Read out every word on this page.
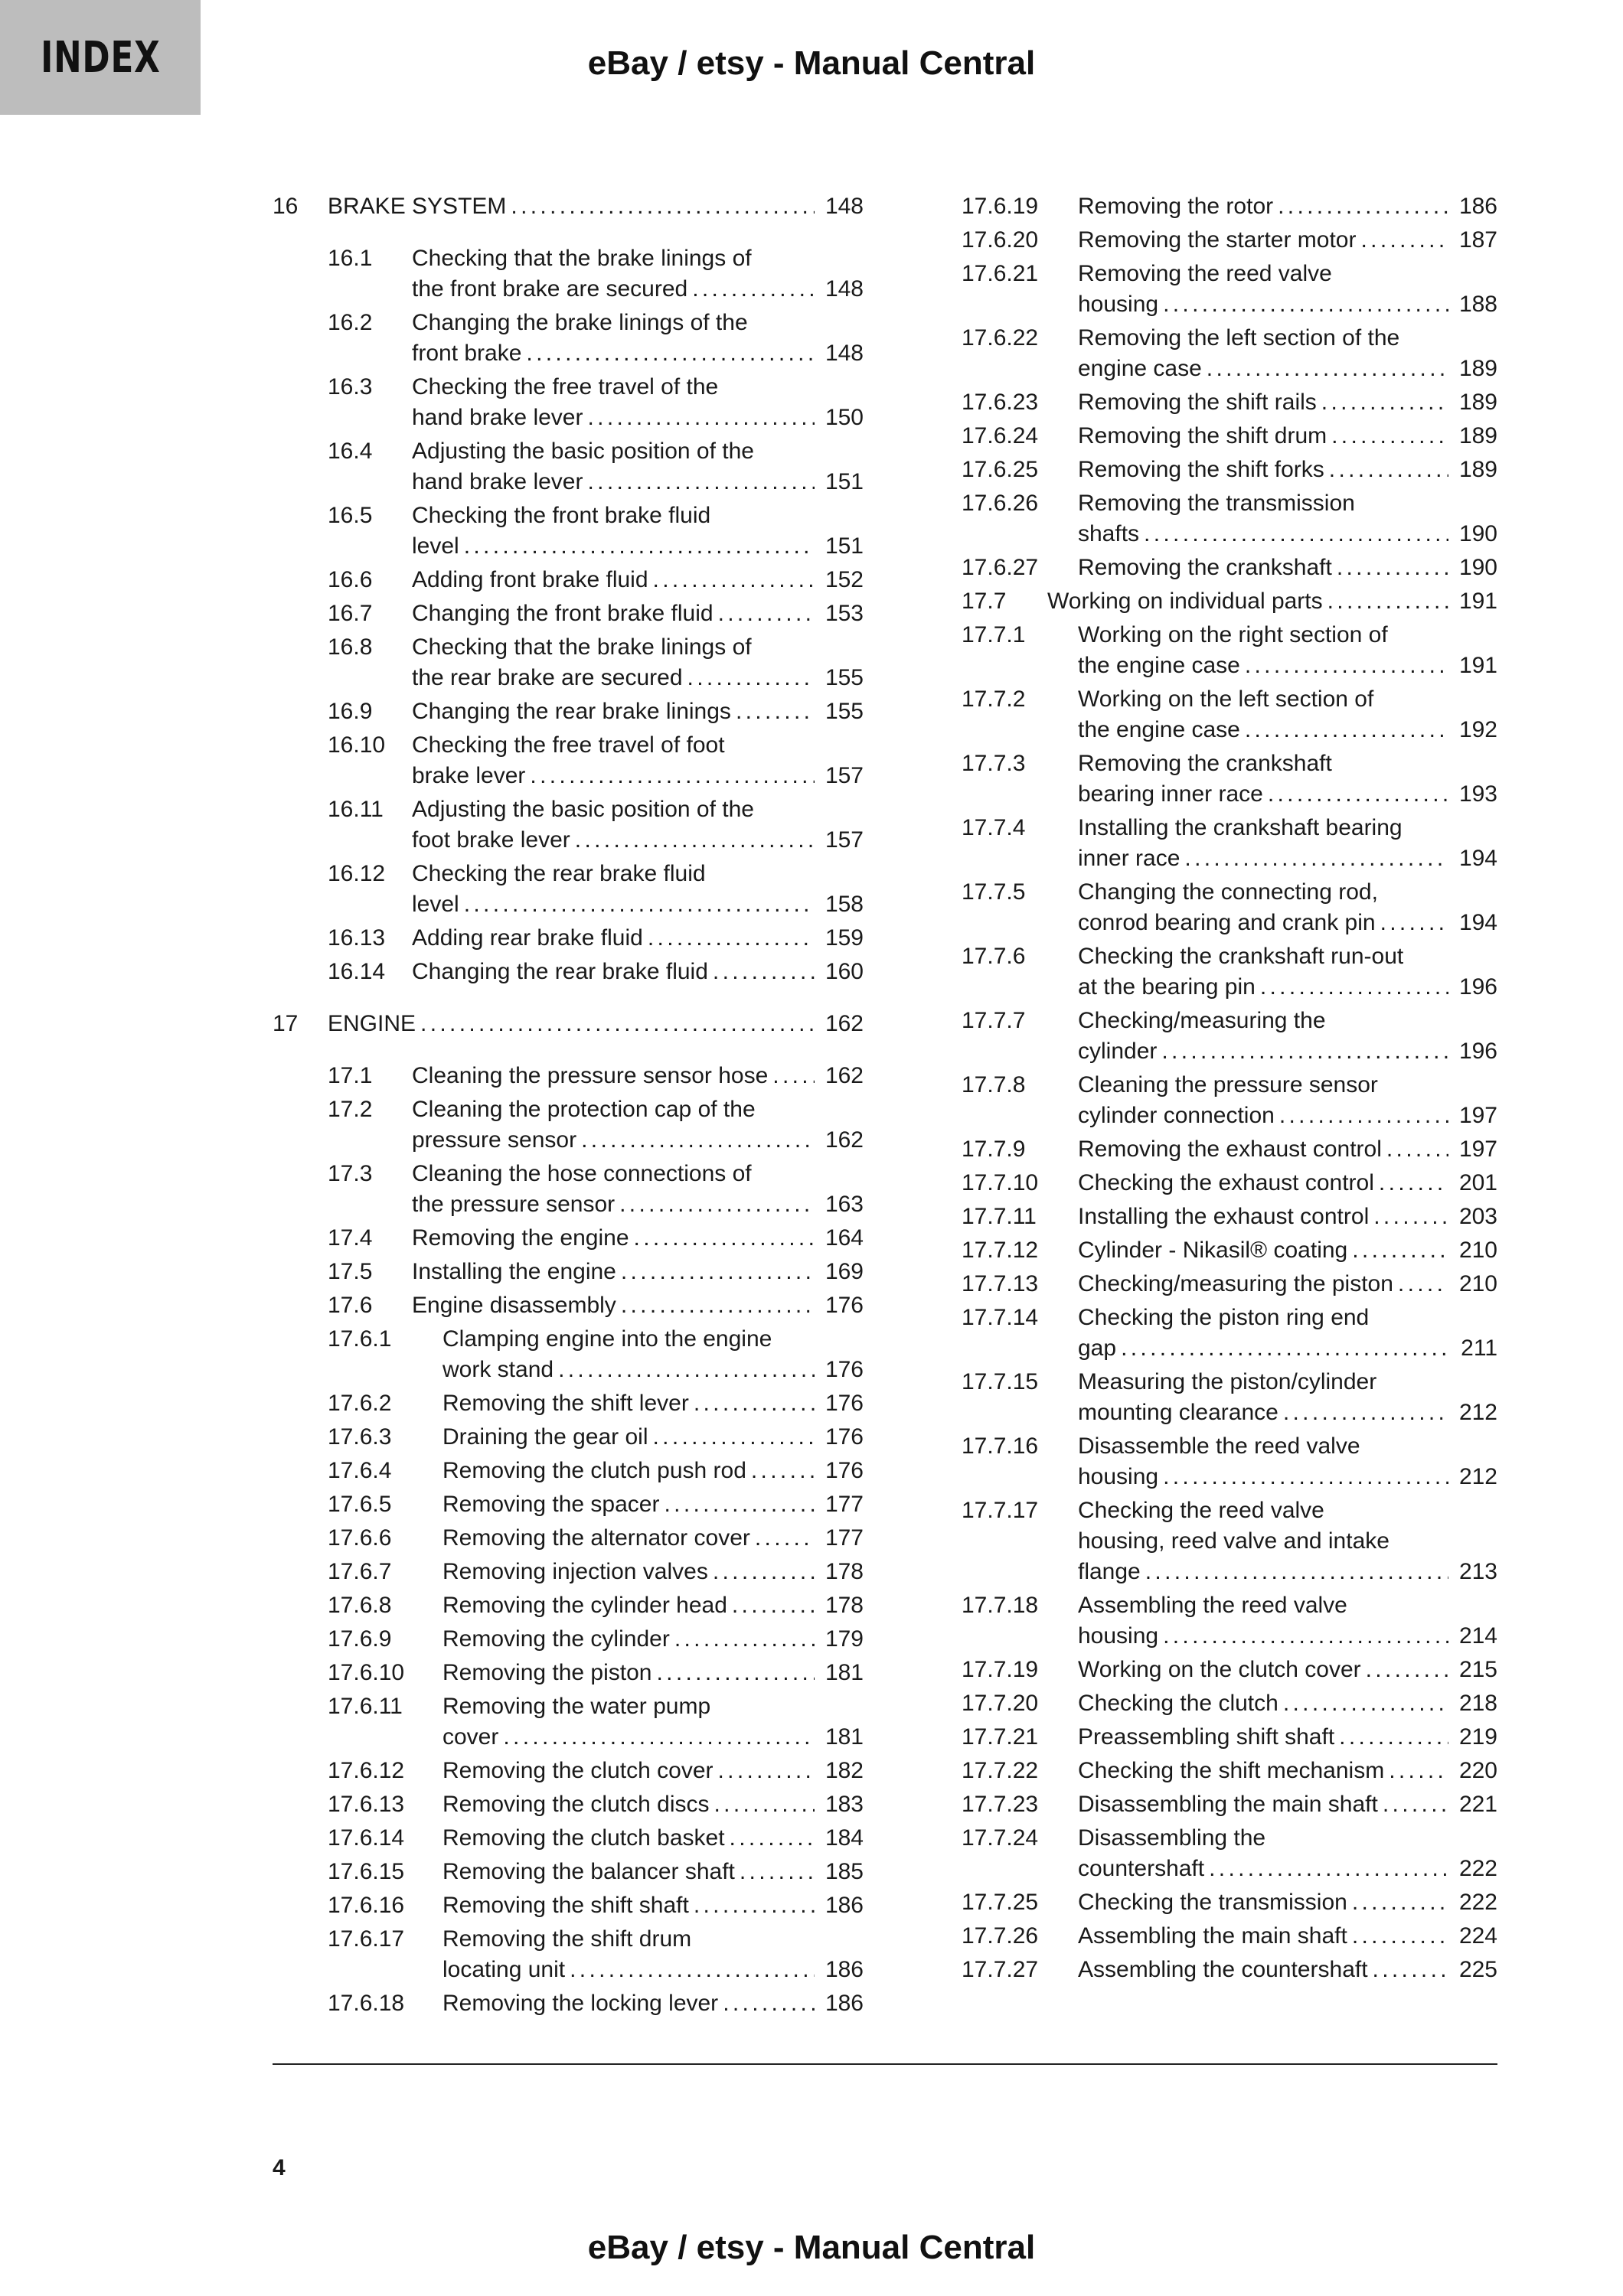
INDEX	eBay / etsy - Manual Central
16 BRAKE SYSTEM . . .	148
16.1 Checking that the brake linings of
the front brake are secured . . .	148
16.2 Changing the brake linings of the
front brake . . .	148
16.3 Checking the free travel of the
hand brake lever . . .	150
16.4 Adjusting the basic position of the
hand brake lever . . .	151
16.5 Checking the front brake fluid
level . . .	151
16.6 Adding front brake fluid . . .	152
16.7 Changing the front brake fluid . . .	153
16.8 Checking that the brake linings of
the rear brake are secured . . .	155
16.9 Changing the rear brake linings . . .	155
16.10 Checking the free travel of foot
brake lever . . .	157
16.11 Adjusting the basic position of the
foot brake lever . . .	157
16.12 Checking the rear brake fluid
level . . .	158
16.13 Adding rear brake fluid . . .	159
16.14 Changing the rear brake fluid . . .	160
17 ENGINE . . .	162
17.1 Cleaning the pressure sensor hose . . . 162
17.2 Cleaning the protection cap of the
pressure sensor . . .	162
17.3 Cleaning the hose connections of
the pressure sensor . . .	163
17.4 Removing the engine . . .	164
17.5 Installing the engine . . .	169
17.6 Engine disassembly . . .	176
17.6.1 Clamping engine into the engine
work stand . . .	176
17.6.2 Removing the shift lever . . .	176
17.6.3 Draining the gear oil . . .	176
17.6.4 Removing the clutch push rod . . .	176
17.6.5 Removing the spacer . . .	177
17.6.6 Removing the alternator cover . . .	177
17.6.7 Removing injection valves . . .	178
17.6.8 Removing the cylinder head . . .	178
17.6.9 Removing the cylinder . . .	179
17.6.10 Removing the piston . . .	181
17.6.11 Removing the water pump
cover . . .	181
17.6.12 Removing the clutch cover . . .	182
17.6.13 Removing the clutch discs . . .	183
17.6.14 Removing the clutch basket . . .	184
17.6.15 Removing the balancer shaft . . .	185
17.6.16 Removing the shift shaft . . .	186
17.6.17 Removing the shift drum
locating unit . . .	186
17.6.18 Removing the locking lever . . .	186
17.6.19 Removing the rotor . . .	186
17.6.20 Removing the starter motor . . .	187
17.6.21 Removing the reed valve
housing . . .	188
17.6.22 Removing the left section of the
engine case . . .	189
17.6.23 Removing the shift rails . . .	189
17.6.24 Removing the shift drum . . .	189
17.6.25 Removing the shift forks . . .	189
17.6.26 Removing the transmission
shafts . . .	190
17.6.27 Removing the crankshaft . . .	190
17.7 Working on individual parts . . .	191
17.7.1 Working on the right section of
the engine case . . .	191
17.7.2 Working on the left section of
the engine case . . .	192
17.7.3 Removing the crankshaft
bearing inner race . . .	193
17.7.4 Installing the crankshaft bearing
inner race . . .	194
17.7.5 Changing the connecting rod,
conrod bearing and crank pin . . .	194
17.7.6 Checking the crankshaft run-out
at the bearing pin . . .	196
17.7.7 Checking/measuring the
cylinder . . .	196
17.7.8 Cleaning the pressure sensor
cylinder connection . . .	197
17.7.9 Removing the exhaust control . . .	197
17.7.10 Checking the exhaust control . . .	201
17.7.11 Installing the exhaust control . . .	203
17.7.12 Cylinder - Nikasil® coating . . .	210
17.7.13 Checking/measuring the piston . . .	210
17.7.14 Checking the piston ring end
gap . . .	211
17.7.15 Measuring the piston/cylinder
mounting clearance . . .	212
17.7.16 Disassemble the reed valve
housing . . .	212
17.7.17 Checking the reed valve
housing, reed valve and intake
flange . . .	213
17.7.18 Assembling the reed valve
housing . . .	214
17.7.19 Working on the clutch cover . . .	215
17.7.20 Checking the clutch . . .	218
17.7.21 Preassembling shift shaft . . .	219
17.7.22 Checking the shift mechanism . . .	220
17.7.23 Disassembling the main shaft . . .	221
17.7.24 Disassembling the
countershaft . . .	222
17.7.25 Checking the transmission . . .	222
17.7.26 Assembling the main shaft . . .	224
17.7.27 Assembling the countershaft . . .	225
4
eBay / etsy - Manual Central
